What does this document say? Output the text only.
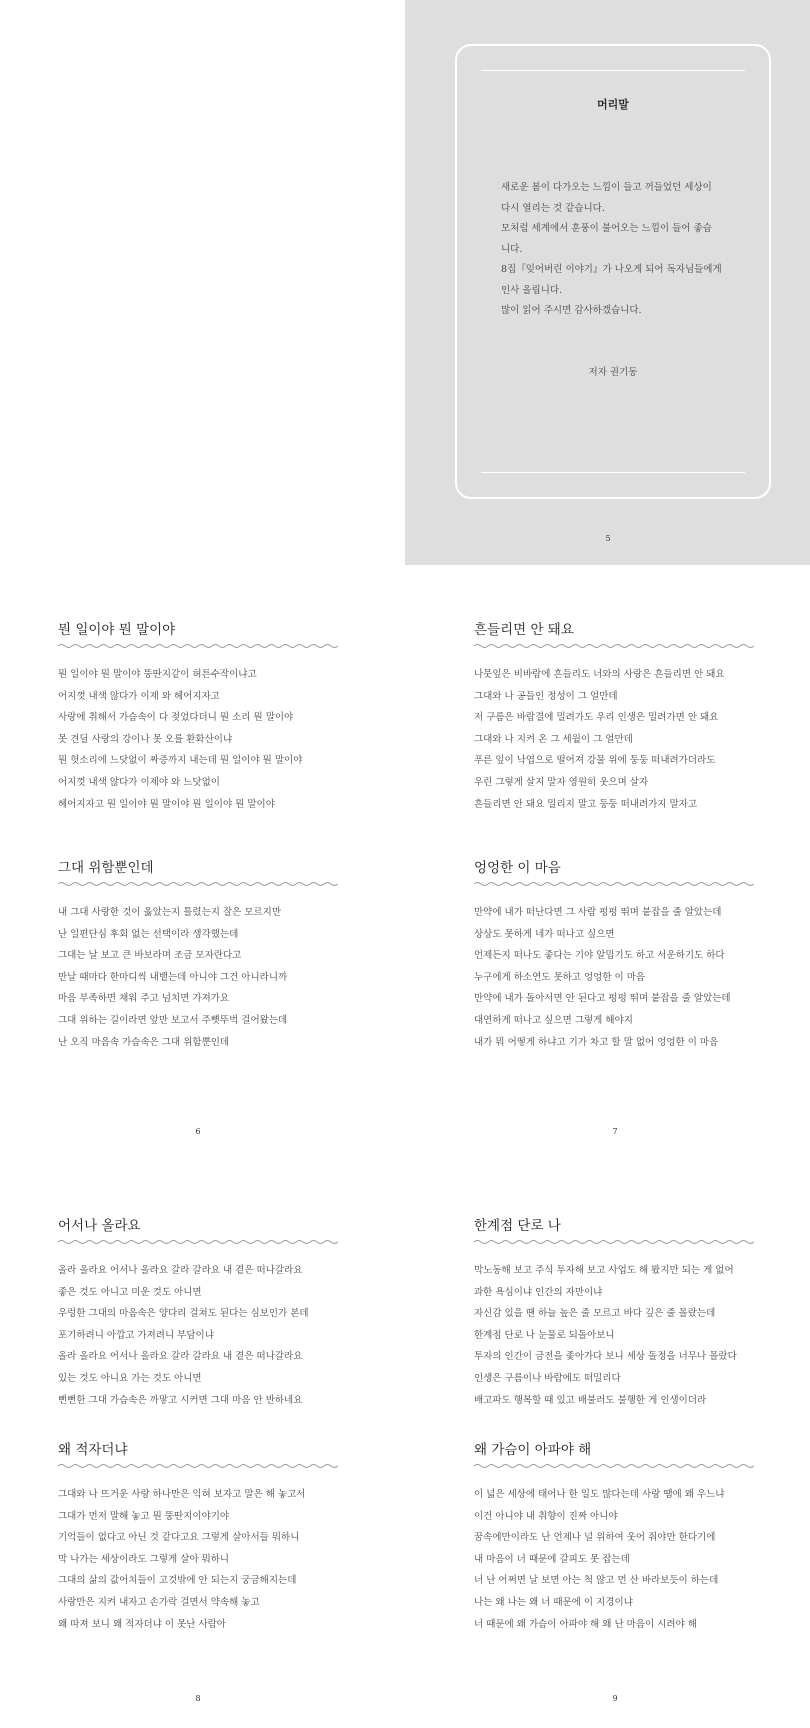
머리말
새로운 봄이 다가오는 느낌이 들고 꺼들었던 세상이
다시 열리는 것 같습니다.
모처럼 세계에서 훈풍이 불어오는 느낌이 들어 좋습
니다.
8집『잊어버린 이야기』가 나오게 되어 독자님들에게
인사 올립니다.
많이 읽어 주시면 감사하겠습니다.
저자 권기동
5
뭔 일이야 뭔 말이야
뭔 일이야 뭔 말이야 뚱딴지같이 허튼수작이냐고
어지껏 내색 않다가 이제 와 헤어지자고
사랑에 취해서 가슴속이 다 젖었다더니 뭔 소리 뭔 말이야
못 견딜 사랑의 강이나 못 오를 환화산이냐
뭔 헛소리에 느닷없이 짜증까지 내는데 뭔 일이야 뭔 말이야
어지껏 내색 않다가 이제야 와 느닷없이
헤어지자고 뭔 일이야 뭔 말이야 뭔 일이야 뭔 말이야
그대 위함뿐인데
내 그대 사랑한 것이 옳았는지 틀렸는지 잘은 모르지만
난 일편단심 후회 없는 선택이라 생각했는데
그대는 날 보고 큰 바보라며 조금 모자란다고
만날 때마다 한마디씩 내뱉는데 아니야 그건 아니라니까
마음 부족하면 채워 주고 넘치면 가져가요
그대 위하는 길이라면 앞만 보고서 주뼛뚜벅 걸어왔는데
난 오직 마음속 가슴속은 그대 위함뿐인데
흔들리면 안 돼요
나뭇잎은 비바람에 흔들리도 너와의 사랑은 흔들리면 안 돼요
그대와 나 공들인 정성이 그 얼만데
저 구름은 바람결에 밀려가도 우리 인생은 밀려가면 안 돼요
그대와 나 지켜 온 그 세월이 그 얼만데
푸른 잎이 낙엽으로 떨어져 강물 위에 둥둥 떠내려가더라도
우린 그렇게 살지 말자 영원히 웃으며 살자
흔들리면 안 돼요 밀리지 말고 둥둥 떠내려가지 말자고
엉엉한 이 마음
만약에 내가 떠난다면 그 사람 펑펑 뛰며 붙잡을 줄 알았는데
상상도 못하게 네가 떠나고 싶으면
언제든지 떠나도 좋다는 기야 알밉기도 하고 서운하기도 하다
누구에게 하소연도 못하고 엉엉한 이 마음
만약에 내가 돌아서면 안 된다고 펑펑 뛰며 붙잡을 줄 알았는데
대연하게 떠나고 싶으면 그렇게 해야지
내가 뭐 어떻게 하냐고 기가 차고 할 말 없어 엉엉한 이 마음
6	7
어서나 올라요
올라 올라요 어서나 올라요 갈라 갈라요 내 곁은 떠나갈라요
좋은 것도 아니고 미운 것도 아니면
우렁한 그대의 마음속은 양다리 걸쳐도 된다는 심보인가 본데
포기하려니 아깝고 가져려니 부담이냐
올라 올라요 어서나 올라요 갈라 갈라요 내 곁은 떠나갈라요
있는 것도 아니요 가는 것도 아니면
뻔뻔한 그대 가슴속은 까맣고 시커면 그대 마음 안 반하네요
왜 적자더냐
그대와 나 뜨거운 사랑 하나만은 익혀 보자고 말은 해 놓고서
그대가 먼저 말해 놓고 뭔 뚱딴지이야기야
기억들이 없다고 아닌 것 같다고요 그렇게 살아서들 뭐하니
막 나가는 세상이라도 그렇게 살아 뭐하니
그대의 삶의 값어치들이 고것밖에 안 되는지 궁금해지는데
사랑만은 지켜 내자고 손가락 걸면서 약속해 놓고
왜 따져 보니 왜 적자더냐 이 못난 사람아
한계점 단로 나
막노동해 보고 주식 투자해 보고 사업도 해 봤지만 되는 게 없어
과한 욕심이냐 인간의 자만이냐
자신감 있을 땐 하늘 높은 줄 모르고 바다 깊은 줄 몰랐는데
한계점 단로 나 눈물로 되돌아보니
투자의 인간이 금전을 좇아가다 보니 세상 돌정을 너무나 몰랐다
인생은 구름이나 바람에도 떠밀리다
배고파도 행복할 때 있고 배불러도 불행한 게 인생이더라
왜 가슴이 아파야 해
이 넓은 세상에 태어나 한 일도 많다는데 사랑 땜에 왜 우느냐
이건 아니야 내 취향이 진짜 아니야
꿈속에만이라도 난 언제나 널 위하여 웃어 줘야만 한다기에
내 마음이 너 때문에 갈피도 못 잡는데
너 난 어쩌면 날 보면 아는 척 않고 먼 산 바라보듯이 하는데
나는 왜 나는 왜 너 때문에 이 지경이냐
너 때문에 왜 가슴이 아파야 해 왜 난 마음이 시려야 해
8	9
